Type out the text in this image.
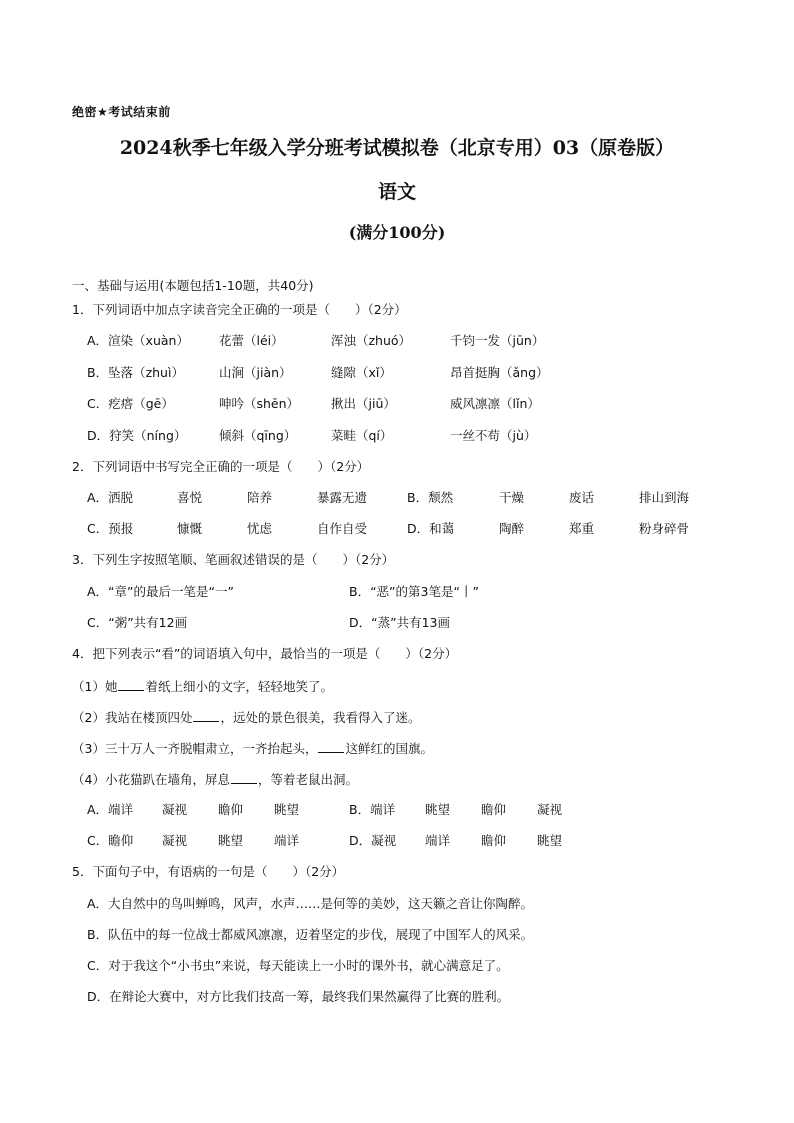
绝密★考试结束前
2024秋季七年级入学分班考试模拟卷（北京专用）03（原卷版）
语文
(满分100分)
一、基础与运用(本题包括1-10题，共40分)
1．下列词语中加点字读音完全正确的一项是（　　）（2分）
A．渲染（xuàn） 花蕾（léi）	浑浊（zhuó）	千钧一发（jūn）
B．坠落（zhuì）	山涧（jiàn）	缝隙（xǐ）	昂首挺胸（ǎng）
C．疙瘩（gē）	呻吟（shēn）	揪出（jiū）	威风凛凛（lǐn）
D．狩笑（níng）	倾斜（qīng）	菜畦（qí）	一丝不苟（jù）
2．下列词语中书写完全正确的一项是（　　）（2分）
A．洒脱	喜悦	陪养	暴露无遗	B．颓然	干燥	废话	排山到海
C．预报	慷慨	忧虑	自作自受	D．和蔼	陶醉	郑重	粉身碎骨
3．下列生字按照笔顺、笔画叙述错误的是（　　）（2分）
A．“章”的最后一笔是“一”	B．“恶”的第3笔是“丨”
C．“粥”共有12画	D．“蒸”共有13画
4．把下列表示“看”的词语填入句中，最恰当的一项是（　　）（2分）
（1）她 着纸上细小的文字，轻轻地笑了。
（2）我站在楼顶四处 ，远处的景色很美，我看得入了迷。
（3）三十万人一齐脱帽肃立，一齐抬起头， 这鲜红的国旗。
（4）小花猫趴在墙角，屏息 ，等着老鼠出洞。
A．端详 凝视 瞻仰 眺望	B．端详 眺望 瞻仰 凝视
C．瞻仰 凝视 眺望 端详	D．凝视 端详 瞻仰 眺望
5．下面句子中，有语病的一句是（　　）（2分）
A．大自然中的鸟叫蝉鸣，风声，水声……是何等的美妙，这天籁之音让你陶醉。
B．队伍中的每一位战士都威风凛凛，迈着坚定的步伐，展现了中国军人的风采。
C．对于我这个“小书虫”来说，每天能读上一小时的课外书，就心满意足了。
D．在辩论大赛中，对方比我们技高一筹，最终我们果然赢得了比赛的胜利。
